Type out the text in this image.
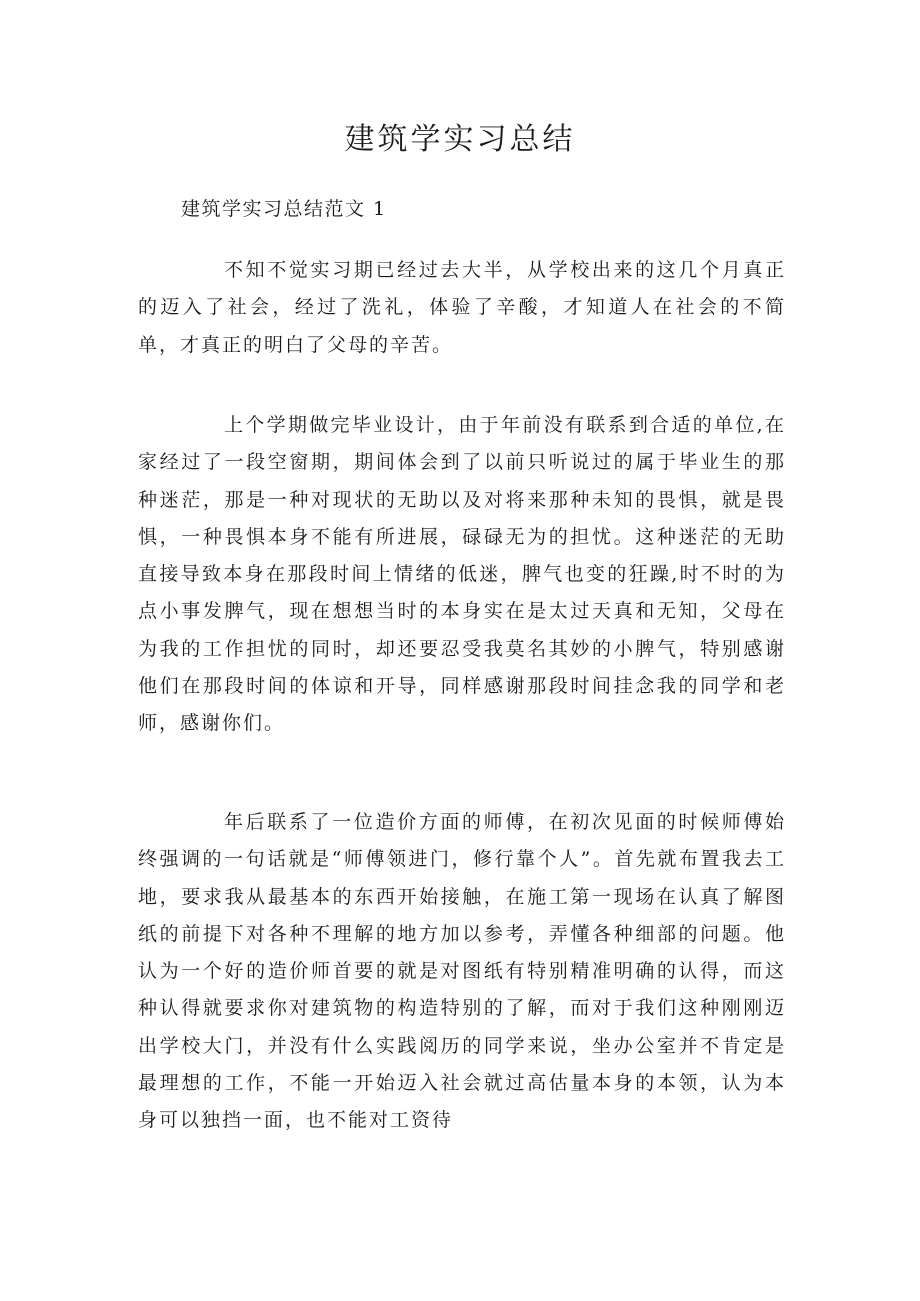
建筑学实习总结

建筑学实习总结范文 1

不知不觉实习期已经过去大半，从学校出来的这几个月真正的迈入了社会，经过了洗礼，体验了辛酸，才知道人在社会的不简单，才真正的明白了父母的辛苦。

上个学期做完毕业设计，由于年前没有联系到合适的单位,在家经过了一段空窗期，期间体会到了以前只听说过的属于毕业生的那种迷茫，那是一种对现状的无助以及对将来那种未知的畏惧，就是畏惧，一种畏惧本身不能有所进展，碌碌无为的担忧。这种迷茫的无助直接导致本身在那段时间上情绪的低迷，脾气也变的狂躁,时不时的为点小事发脾气，现在想想当时的本身实在是太过天真和无知，父母在为我的工作担忧的同时，却还要忍受我莫名其妙的小脾气，特别感谢他们在那段时间的体谅和开导，同样感谢那段时间挂念我的同学和老师，感谢你们。

年后联系了一位造价方面的师傅，在初次见面的时候师傅始终强调的一句话就是“师傅领进门，修行靠个人”。首先就布置我去工地，要求我从最基本的东西开始接触，在施工第一现场在认真了解图纸的前提下对各种不理解的地方加以参考，弄懂各种细部的问题。他认为一个好的造价师首要的就是对图纸有特别精准明确的认得，而这种认得就要求你对建筑物的构造特别的了解，而对于我们这种刚刚迈出学校大门，并没有什么实践阅历的同学来说，坐办公室并不肯定是最理想的工作，不能一开始迈入社会就过高估量本身的本领，认为本身可以独挡一面，也不能对工资待
